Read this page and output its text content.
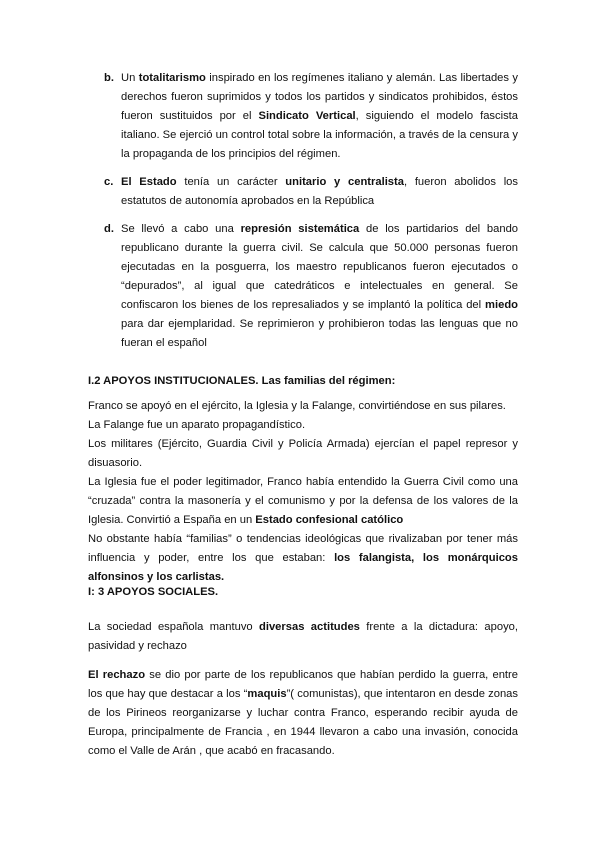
b. Un totalitarismo inspirado en los regímenes italiano y alemán. Las libertades y derechos fueron suprimidos y todos los partidos y sindicatos prohibidos, éstos fueron sustituidos por el Sindicato Vertical, siguiendo el modelo fascista italiano. Se ejerció un control total sobre la información, a través de la censura y la propaganda de los principios del régimen.

c. El Estado tenía un carácter unitario y centralista, fueron abolidos los estatutos de autonomía aprobados en la República

d. Se llevó a cabo una represión sistemática de los partidarios del bando republicano durante la guerra civil. Se calcula que 50.000 personas fueron ejecutadas en la posguerra, los maestro republicanos fueron ejecutados o “depurados”, al igual que catedráticos e intelectuales en general. Se confiscaron los bienes de los represaliados y se implantó la política del miedo para dar ejemplaridad. Se reprimieron y prohibieron todas las lenguas que no fueran el español

I.2 APOYOS INSTITUCIONALES. Las familias del régimen:

Franco se apoyó en el ejército, la Iglesia y la Falange, convirtiéndose en sus pilares.

La Falange fue un aparato propagandístico.

Los militares (Ejército, Guardia Civil y Policía Armada) ejercían el papel represor y disuasorio.

La Iglesia fue el poder legitimador, Franco había entendido la Guerra Civil como una “cruzada” contra la masonería y el comunismo y por la defensa de los valores de la Iglesia. Convirtió a España en un Estado confesional católico

No obstante había “familias” o tendencias ideológicas que rivalizaban por tener más influencia y poder, entre los que estaban: los falangista, los monárquicos alfonsinos y los carlistas.

I: 3 APOYOS SOCIALES.

La sociedad española mantuvo diversas actitudes frente a la dictadura: apoyo, pasividad y rechazo

El rechazo se dio por parte de los republicanos que habían perdido la guerra, entre los que hay que destacar a los “maquis”( comunistas), que intentaron en desde zonas de los Pirineos reorganizarse y luchar contra Franco, esperando recibir ayuda de Europa, principalmente de Francia , en 1944 llevaron a cabo una invasión, conocida como el Valle de Arán , que acabó en fracasando.
